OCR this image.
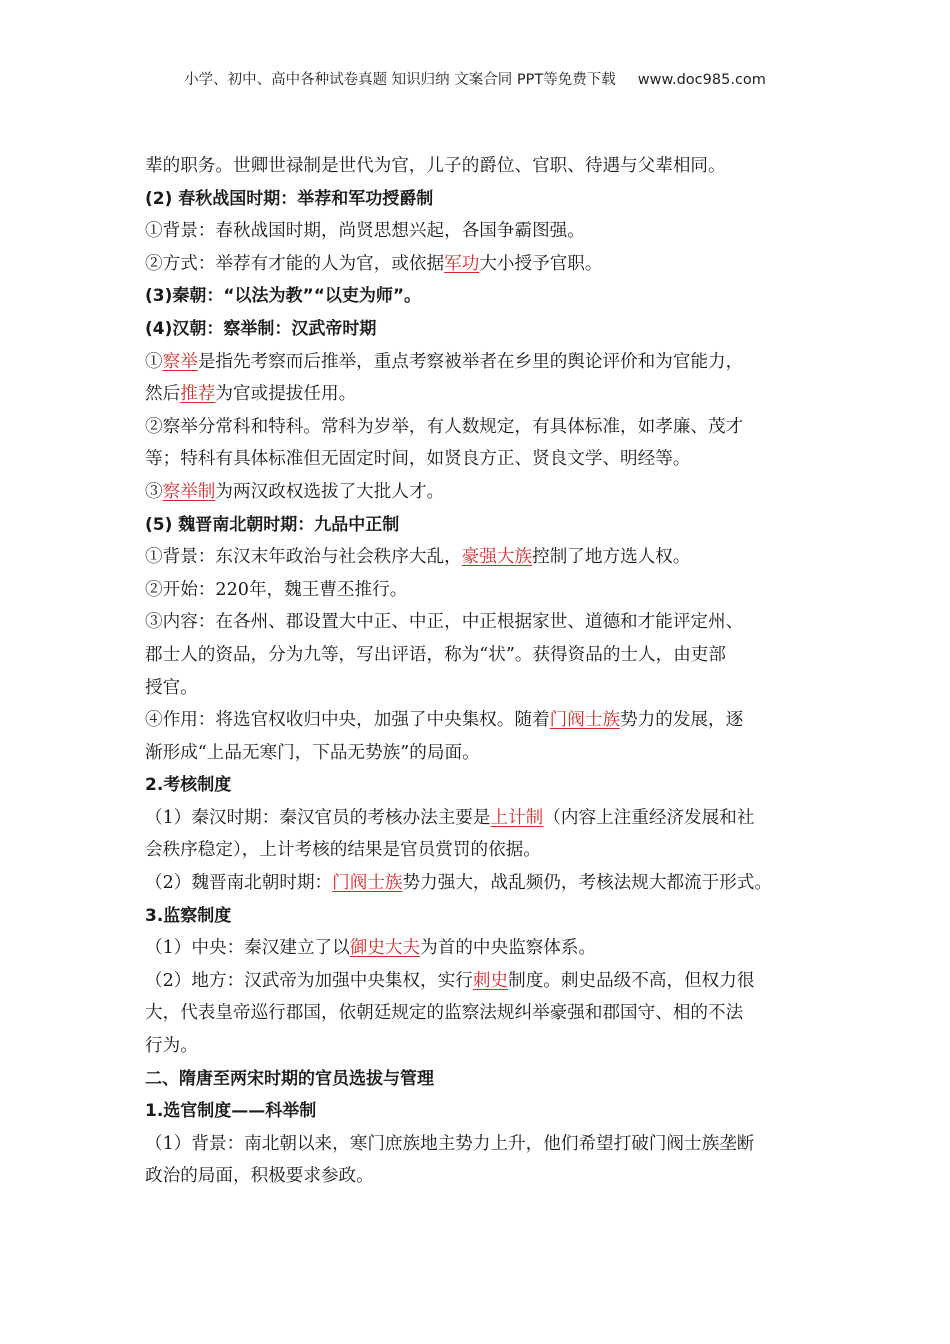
小学、初中、高中各种试卷真题 知识归纳 文案合同 PPT等免费下载 www.doc985.com
辈的职务。世卿世禄制是世代为官，儿子的爵位、官职、待遇与父辈相同。
(2) 春秋战国时期：举荐和军功授爵制
①背景：春秋战国时期，尚贤思想兴起，各国争霸图强。
②方式：举荐有才能的人为官，或依据军功大小授予官职。
(3)秦朝：“以法为教”“以吏为师”。
(4)汉朝：察举制：汉武帝时期
①察举是指先考察而后推举，重点考察被举者在乡里的舆论评价和为官能力，
然后推荐为官或提拔任用。
②察举分常科和特科。常科为岁举，有人数规定，有具体标准，如孝廉、茂才
等；特科有具体标准但无固定时间，如贤良方正、贤良文学、明经等。
③察举制为两汉政权选拔了大批人才。
(5) 魏晋南北朝时期：九品中正制
①背景：东汉末年政治与社会秩序大乱，豪强大族控制了地方选人权。
②开始：220年，魏王曹丕推行。
③内容：在各州、郡设置大中正、中正，中正根据家世、道德和才能评定州、
郡士人的资品，分为九等，写出评语，称为“状”。获得资品的士人，由吏部
授官。
④作用：将选官权收归中央，加强了中央集权。随着门阀士族势力的发展，逐
渐形成“上品无寒门，下品无势族”的局面。
2.考核制度
（1）秦汉时期：秦汉官员的考核办法主要是上计制（内容上注重经济发展和社
会秩序稳定），上计考核的结果是官员赏罚的依据。
（2）魏晋南北朝时期：门阀士族势力强大，战乱频仍，考核法规大都流于形式。
3.监察制度
（1）中央：秦汉建立了以御史大夫为首的中央监察体系。
（2）地方：汉武帝为加强中央集权，实行刺史制度。刺史品级不高，但权力很
大，代表皇帝巡行郡国，依朝廷规定的监察法规纠举豪强和郡国守、相的不法
行为。
二、隋唐至两宋时期的官员选拔与管理
1.选官制度——科举制
（1）背景：南北朝以来，寒门庶族地主势力上升，他们希望打破门阀士族垄断
政治的局面，积极要求参政。
